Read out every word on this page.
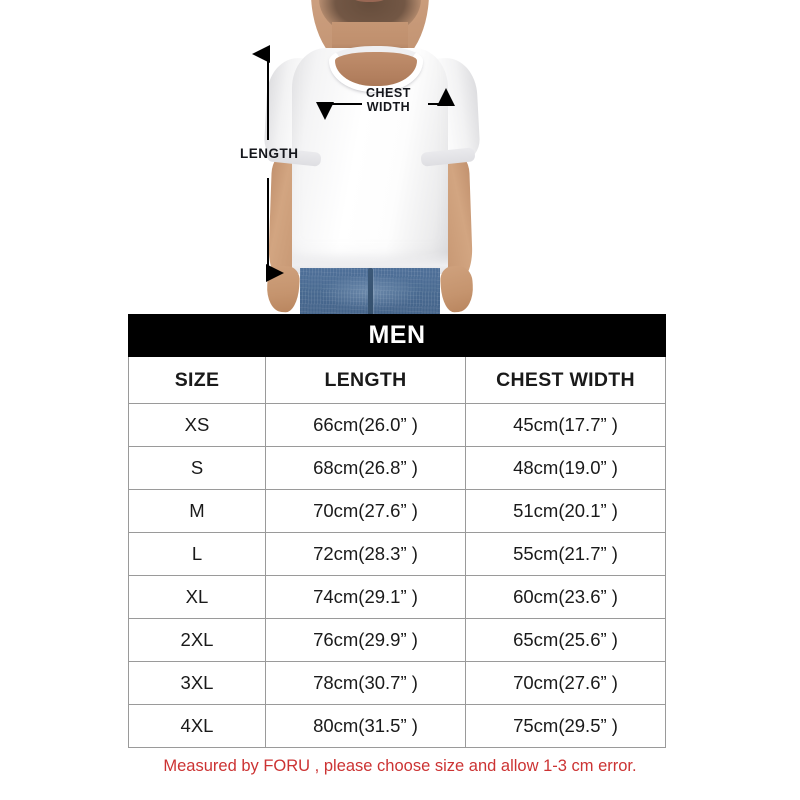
LENGTH
CHEST
WIDTH
MEN		
SIZE	LENGTH	CHEST WIDTH
XS	66cm(26.0” )	45cm(17.7” )
S	68cm(26.8” )	48cm(19.0” )
M	70cm(27.6” )	51cm(20.1” )
L	72cm(28.3” )	55cm(21.7” )
XL	74cm(29.1” )	60cm(23.6” )
2XL	76cm(29.9” )	65cm(25.6” )
3XL	78cm(30.7” )	70cm(27.6” )
4XL	80cm(31.5” )	75cm(29.5” )
Measured by FORU , please choose size and allow 1-3 cm error.
